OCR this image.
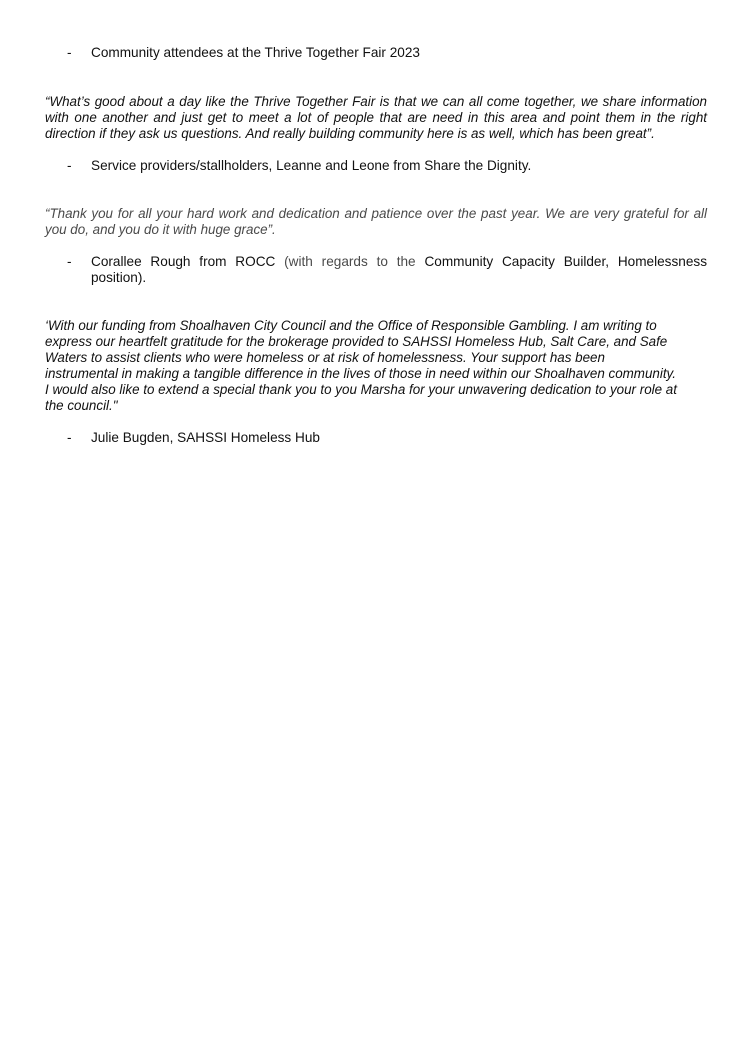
-	Community attendees at the Thrive Together Fair 2023

“What’s good about a day like the Thrive Together Fair is that we can all come together, we share information with one another and just get to meet a lot of people that are need in this area and point them in the right direction if they ask us questions. And really building community here is as well, which has been great”.

-	Service providers/stallholders, Leanne and Leone from Share the Dignity.

“Thank you for all your hard work and dedication and patience over the past year. We are very grateful for all you do, and you do it with huge grace”.

-	Corallee Rough from ROCC (with regards to the Community Capacity Builder, Homelessness position).

‘With our funding from Shoalhaven City Council and the Office of Responsible Gambling. I am writing to
express our heartfelt gratitude for the brokerage provided to SAHSSI Homeless Hub, Salt Care, and Safe
Waters to assist clients who were homeless or at risk of homelessness. Your support has been
instrumental in making a tangible difference in the lives of those in need within our Shoalhaven community.
I would also like to extend a special thank you to you Marsha for your unwavering dedication to your role at
the council."

-	Julie Bugden, SAHSSI Homeless Hub
